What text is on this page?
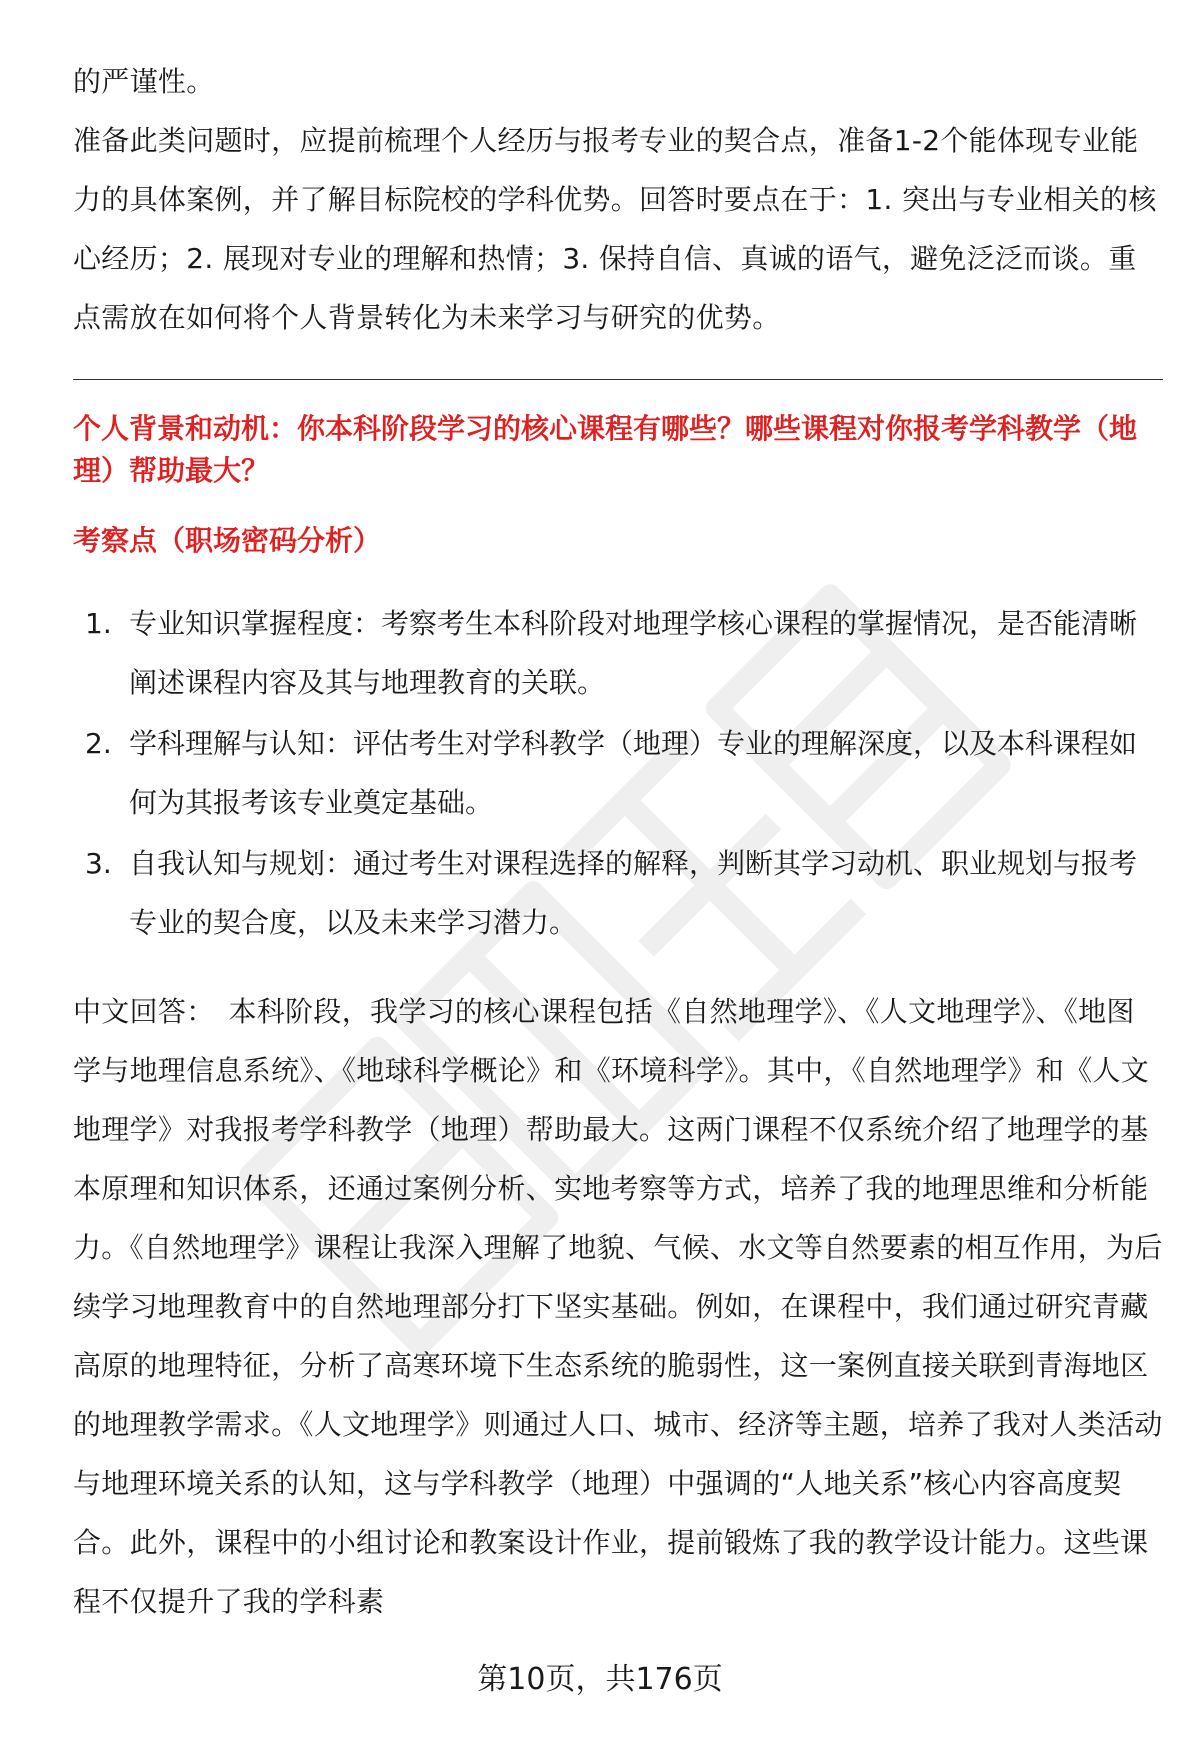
的严谨性。

准备此类问题时，应提前梳理个人经历与报考专业的契合点，准备1-2个能体现专业能力的具体案例，并了解目标院校的学科优势。回答时要点在于：1. 突出与专业相关的核心经历；2. 展现对专业的理解和热情；3. 保持自信、真诚的语气，避免泛泛而谈。重点需放在如何将个人背景转化为未来学习与研究的优势。

个人背景和动机：你本科阶段学习的核心课程有哪些？哪些课程对你报考学科教学（地理）帮助最大？

考察点（职场密码分析）

1. 专业知识掌握程度：考察考生本科阶段对地理学核心课程的掌握情况，是否能清晰阐述课程内容及其与地理教育的关联。
2. 学科理解与认知：评估考生对学科教学（地理）专业的理解深度，以及本科课程如何为其报考该专业奠定基础。
3. 自我认知与规划：通过考生对课程选择的解释，判断其学习动机、职业规划与报考专业的契合度，以及未来学习潜力。

中文回答： 本科阶段，我学习的核心课程包括《自然地理学》、《人文地理学》、《地图学与地理信息系统》、《地球科学概论》和《环境科学》。其中，《自然地理学》和《人文地理学》对我报考学科教学（地理）帮助最大。这两门课程不仅系统介绍了地理学的基本原理和知识体系，还通过案例分析、实地考察等方式，培养了我的地理思维和分析能力。《自然地理学》课程让我深入理解了地貌、气候、水文等自然要素的相互作用，为后续学习地理教育中的自然地理部分打下坚实基础。例如，在课程中，我们通过研究青藏高原的地理特征，分析了高寒环境下生态系统的脆弱性，这一案例直接关联到青海地区的地理教学需求。《人文地理学》则通过人口、城市、经济等主题，培养了我对人类活动与地理环境关系的认知，这与学科教学（地理）中强调的“人地关系”核心内容高度契合。此外，课程中的小组讨论和教案设计作业，提前锻炼了我的教学设计能力。这些课程不仅提升了我的学科素

第10页，共176页
